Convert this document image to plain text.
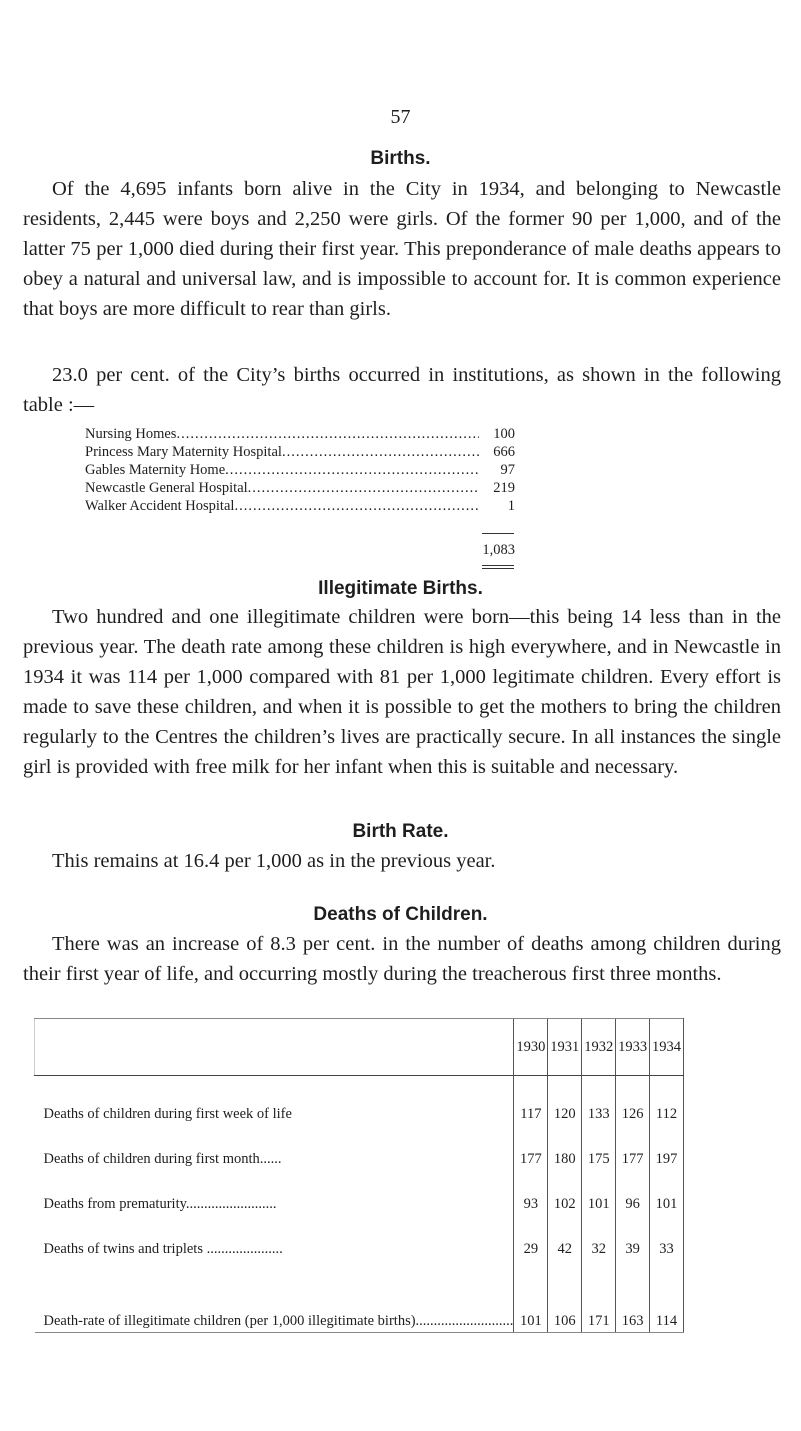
57
Births.

Of the 4,695 infants born alive in the City in 1934, and belonging to Newcastle residents, 2,445 were boys and 2,250 were girls. Of the former 90 per 1,000, and of the latter 75 per 1,000 died during their first year. This preponderance of male deaths appears to obey a natural and universal law, and is impossible to account for. It is common experience that boys are more difficult to rear than girls.

23.0 per cent. of the City’s births occurred in institutions, as shown in the following table :—

Nursing Homes .....	100
Princess Mary Maternity Hospital .....	666
Gables Maternity Home .....	97
Newcastle General Hospital .....	219
Walker Accident Hospital .....	1
1,083
Illegitimate Births.

Two hundred and one illegitimate children were born—this being 14 less than in the previous year. The death rate among these children is high everywhere, and in Newcastle in 1934 it was 114 per 1,000 compared with 81 per 1,000 legitimate children. Every effort is made to save these children, and when it is possible to get the mothers to bring the children regularly to the Centres the children’s lives are practically secure. In all instances the single girl is provided with free milk for her infant when this is suitable and necessary.

Birth Rate.

This remains at 16.4 per 1,000 as in the previous year.

Deaths of Children.

There was an increase of 8.3 per cent. in the number of deaths among children during their first year of life, and occurring mostly during the treacherous first three months.

	1930	1931	1932	1933	1934
Deaths of children during first week of life	117	120	133	126	112
Deaths of children during first month......	177	180	175	177	197
Deaths from prematurity.........................	93	102	101	96	101
Deaths of twins and triplets .....................	29	42	32	39	33
Death-rate of illegitimate children (per 1,000 illegitimate births)...........................	101	106	171	163	114
